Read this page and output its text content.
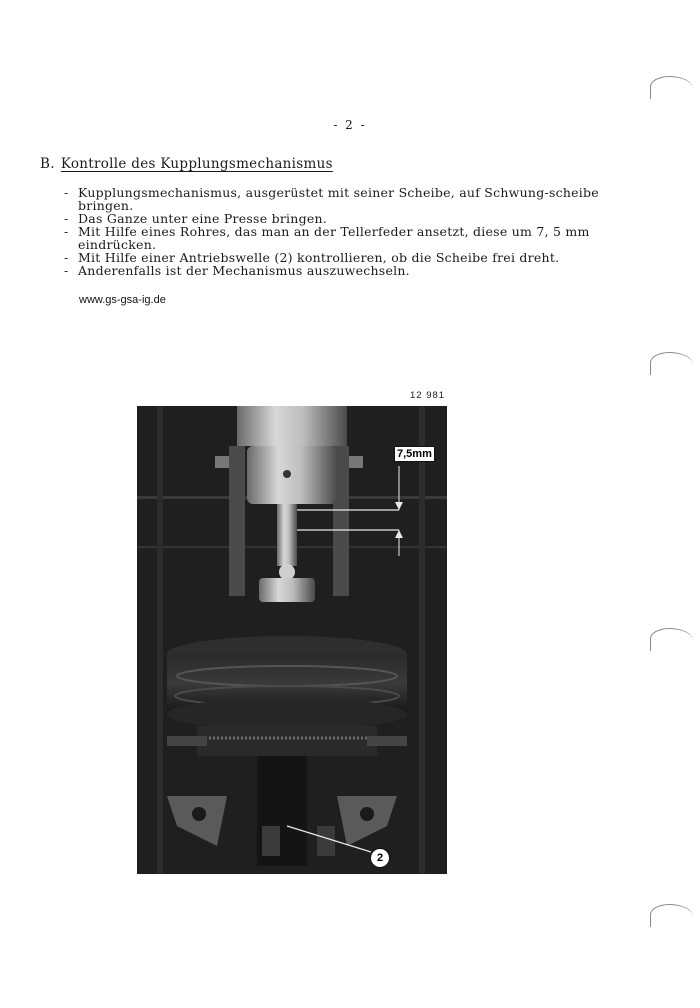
- 2 -
B. Kontrolle des Kupplungsmechanismus
- Kupplungsmechanismus, ausgerüstet mit seiner Scheibe, auf Schwung-scheibe bringen.
- Das Ganze unter eine Presse bringen.
- Mit Hilfe eines Rohres, das man an der Tellerfeder ansetzt, diese um 7, 5 mm eindrücken.
- Mit Hilfe einer Antriebswelle (2) kontrollieren, ob die Scheibe frei dreht.
- Anderenfalls ist der Mechanismus auszuwechseln.
www.gs-gsa-ig.de
12 981
7,5mm
2
